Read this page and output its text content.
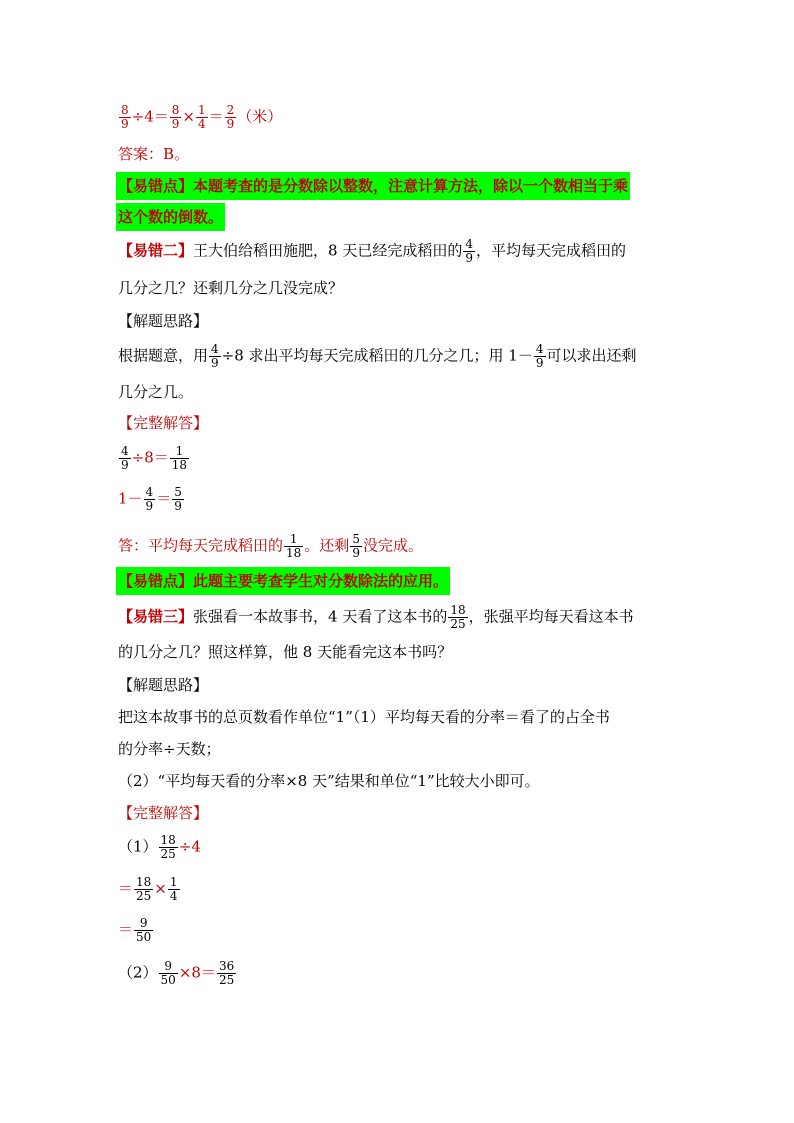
$\frac{8}{9} \div 4= \frac{8}{9} \times \frac{1}{4} = \frac{2}{9}$ （米）
答案：B。
【易错点】本题考查的是分数除以整数，注意计算方法，除以一个数相当于乘
这个数的倒数。
【易错二】王大伯给稻田施肥，8 天已经完成稻田的 $\frac{4}{9}$ ，平均每天完成稻田的
几分之几？还剩几分之几没完成？
【解题思路】
根据题意，用 $\frac{4}{9} \div 8$ 求出平均每天完成稻田的几分之几；用 $1- \frac{4}{9}$ 可以求出还剩
几分之几。
【完整解答】
$\frac{4}{9} \div 8= \frac{1}{18}$
$1- \frac{4}{9} = \frac{5}{9}$
答：平均每天完成稻田的 $\frac{1}{18}$ 。还剩 $\frac{5}{9}$ 没完成。
【易错点】此题主要考查学生对分数除法的应用。
【易错三】张强看一本故事书，4 天看了这本书的 $\frac{18}{25}$ ，张强平均每天看这本书
的几分之几？照这样算，他 8 天能看完这本书吗？
【解题思路】
把这本故事书的总页数看作单位“1”（1）平均每天看的分率＝看了的占全书
的分率÷天数；
（2）“平均每天看的分率×8 天”结果和单位“1”比较大小即可。
【完整解答】
$(1) \frac{18}{25} \div 4$
＝ $\frac{18}{25} \times \frac{1}{4}$
＝ $\frac{9}{50}$
$(2) \frac{9}{50} \times 8= \frac{36}{25}$
